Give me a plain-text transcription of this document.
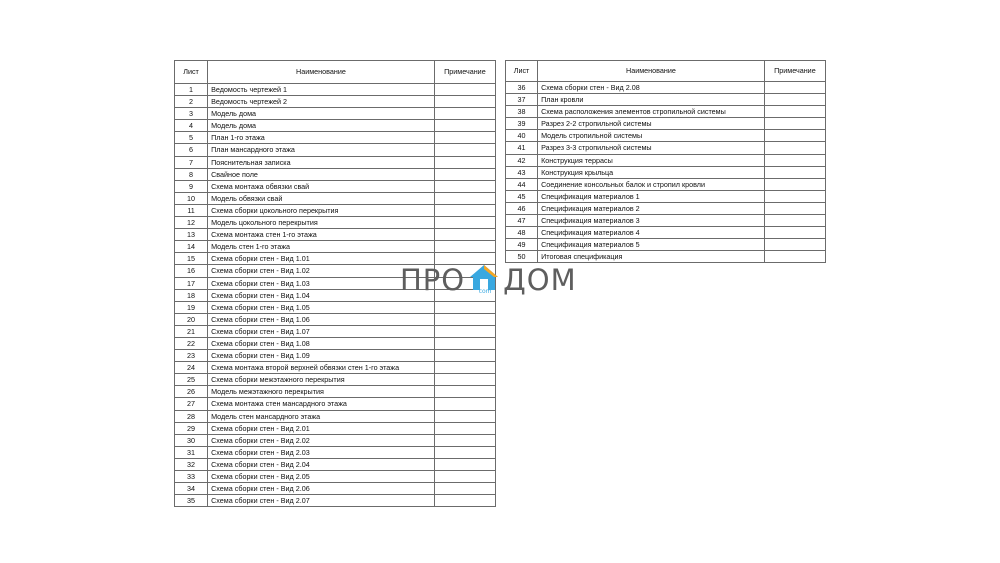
Лист	Наименование	Примечание
1	Ведомость чертежей 1	
2	Ведомость чертежей 2	
3	Модель дома	
4	Модель дома	
5	План 1-го этажа	
6	План мансардного этажа	
7	Пояснительная записка	
8	Свайное поле	
9	Схема монтажа обвязки свай	
10	Модель обвязки свай	
11	Схема сборки цокольного перекрытия	
12	Модель цокольного перекрытия	
13	Схема монтажа стен 1-го этажа	
14	Модель стен 1-го этажа	
15	Схема сборки стен - Вид 1.01	
16	Схема сборки стен - Вид 1.02	
17	Схема сборки стен - Вид 1.03	
18	Схема сборки стен - Вид 1.04	
19	Схема сборки стен - Вид 1.05	
20	Схема сборки стен - Вид 1.06	
21	Схема сборки стен - Вид 1.07	
22	Схема сборки стен - Вид 1.08	
23	Схема сборки стен - Вид 1.09	
24	Схема монтажа второй верхней обвязки стен 1-го этажа	
25	Схема сборки межэтажного перекрытия	
26	Модель межэтажного перекрытия	
27	Схема монтажа стен мансардного этажа	
28	Модель стен мансардного этажа	
29	Схема сборки стен - Вид 2.01	
30	Схема сборки стен - Вид 2.02	
31	Схема сборки стен - Вид 2.03	
32	Схема сборки стен - Вид 2.04	
33	Схема сборки стен - Вид 2.05	
34	Схема сборки стен - Вид 2.06	
35	Схема сборки стен - Вид 2.07	
Лист	Наименование	Примечание
36	Схема сборки стен - Вид 2.08	
37	План кровли	
38	Схема расположения элементов стропильной системы	
39	Разрез 2-2 стропильной системы	
40	Модель стропильной системы	
41	Разрез 3-3 стропильной системы	
42	Конструкция террасы	
43	Конструкция крыльца	
44	Соединение консольных балок и стропил кровли	
45	Спецификация материалов 1	
46	Спецификация материалов 2	
47	Спецификация материалов 3	
48	Спецификация материалов 4	
49	Спецификация материалов 5	
50	Итоговая спецификация	
ПРО	com ДОМ
